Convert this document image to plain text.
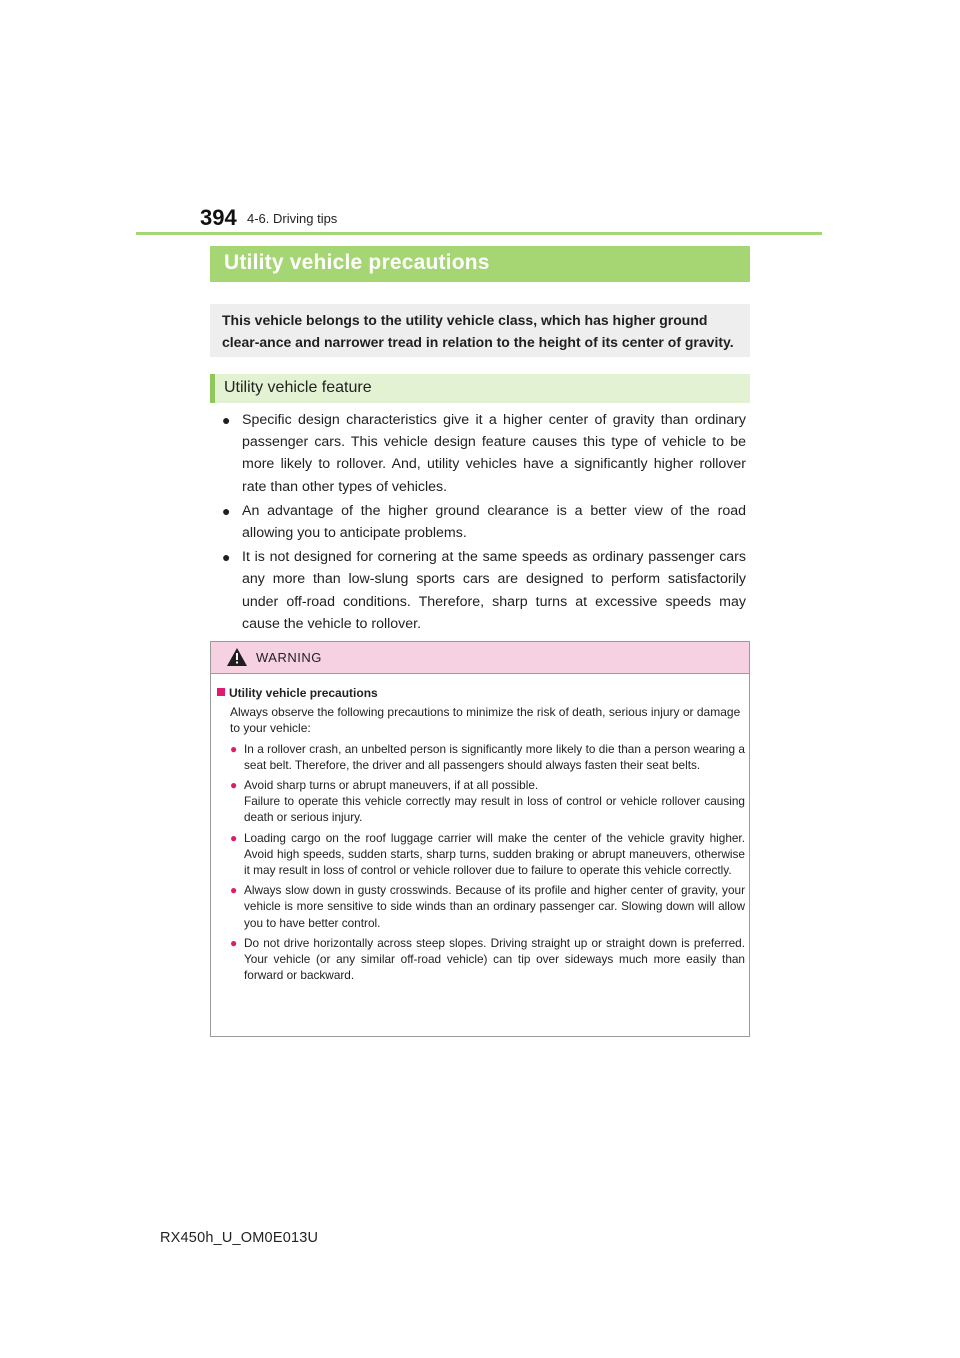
394 4-6. Driving tips
Utility vehicle precautions

This vehicle belongs to the utility vehicle class, which has higher ground clear-ance and narrower tread in relation to the height of its center of gravity.

Utility vehicle feature
● Specific design characteristics give it a higher center of gravity than ordinary passenger cars. This vehicle design feature causes this type of vehicle to be more likely to rollover. And, utility vehicles have a significantly higher rollover rate than other types of vehicles.
● An advantage of the higher ground clearance is a better view of the road allowing you to anticipate problems.
● It is not designed for cornering at the same speeds as ordinary passenger cars any more than low-slung sports cars are designed to perform satisfactorily under off-road conditions. Therefore, sharp turns at excessive speeds may cause the vehicle to rollover.
WARNING
Utility vehicle precautions
Always observe the following precautions to minimize the risk of death, serious injury or damage to your vehicle:
● In a rollover crash, an unbelted person is significantly more likely to die than a person wearing a seat belt. Therefore, the driver and all passengers should always fasten their seat belts.
● Avoid sharp turns or abrupt maneuvers, if at all possible.
Failure to operate this vehicle correctly may result in loss of control or vehicle rollover causing death or serious injury.
● Loading cargo on the roof luggage carrier will make the center of the vehicle gravity higher. Avoid high speeds, sudden starts, sharp turns, sudden braking or abrupt maneuvers, otherwise it may result in loss of control or vehicle rollover due to failure to operate this vehicle correctly.
● Always slow down in gusty crosswinds. Because of its profile and higher center of gravity, your vehicle is more sensitive to side winds than an ordinary passenger car. Slowing down will allow you to have better control.
● Do not drive horizontally across steep slopes. Driving straight up or straight down is preferred. Your vehicle (or any similar off-road vehicle) can tip over sideways much more easily than forward or backward.
RX450h_U_OM0E013U
